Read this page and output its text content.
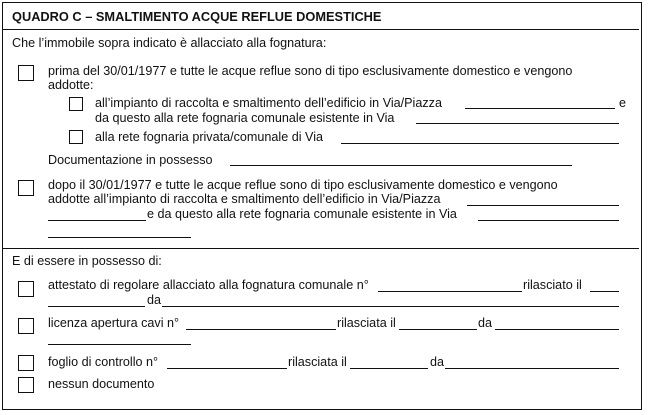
QUADRO C – SMALTIMENTO ACQUE REFLUE DOMESTICHE
Che l’immobile sopra indicato è allacciato alla fognatura:
prima del 30/01/1977 e tutte le acque reflue sono di tipo esclusivamente domestico e vengono
addotte:
all’impianto di raccolta e smaltimento dell’edificio in Via/Piazza	e
da questo alla rete fognaria comunale esistente in Via
alla rete fognaria privata/comunale di Via
Documentazione in possesso
dopo il 30/01/1977 e tutte le acque reflue sono di tipo esclusivamente domestico e vengono
addotte all’impianto di raccolta e smaltimento dell’edificio in Via/Piazza
e da questo alla rete fognaria comunale esistente in Via
E di essere in possesso di:
attestato di regolare allacciato alla fognatura comunale n°	rilasciato il
da
licenza apertura cavi n°	rilasciata il	da
foglio di controllo n°	rilasciata il	da
nessun documento
